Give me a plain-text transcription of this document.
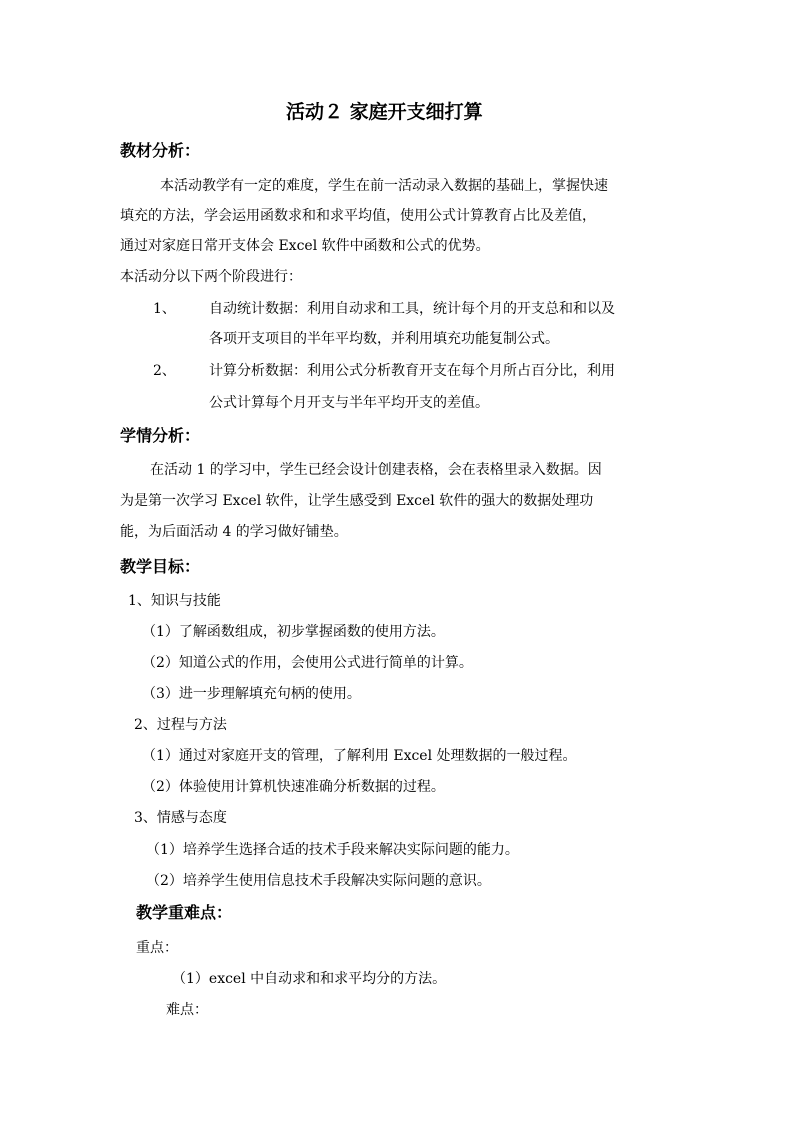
活动２ 家庭开支细打算
教材分析：
本活动教学有一定的难度，学生在前一活动录入数据的基础上，掌握快速
填充的方法，学会运用函数求和和求平均值，使用公式计算教育占比及差值，
通过对家庭日常开支体会 Excel 软件中函数和公式的优势。
本活动分以下两个阶段进行：
1、 自动统计数据：利用自动求和工具，统计每个月的开支总和和以及
各项开支项目的半年平均数，并利用填充功能复制公式。
2、 计算分析数据：利用公式分析教育开支在每个月所占百分比，利用
公式计算每个月开支与半年平均开支的差值。
学情分析：
在活动 1 的学习中，学生已经会设计创建表格，会在表格里录入数据。因
为是第一次学习 Excel 软件，让学生感受到 Excel 软件的强大的数据处理功
能，为后面活动 4 的学习做好铺垫。
教学目标：
1、知识与技能
（1）了解函数组成，初步掌握函数的使用方法。
（2）知道公式的作用，会使用公式进行简单的计算。
（3）进一步理解填充句柄的使用。
2、过程与方法
（1）通过对家庭开支的管理，了解利用 Excel 处理数据的一般过程。
（2）体验使用计算机快速准确分析数据的过程。
3、情感与态度
（1）培养学生选择合适的技术手段来解决实际问题的能力。
（2）培养学生使用信息技术手段解决实际问题的意识。
教学重难点：
重点：
（1）excel 中自动求和和求平均分的方法。
难点：
